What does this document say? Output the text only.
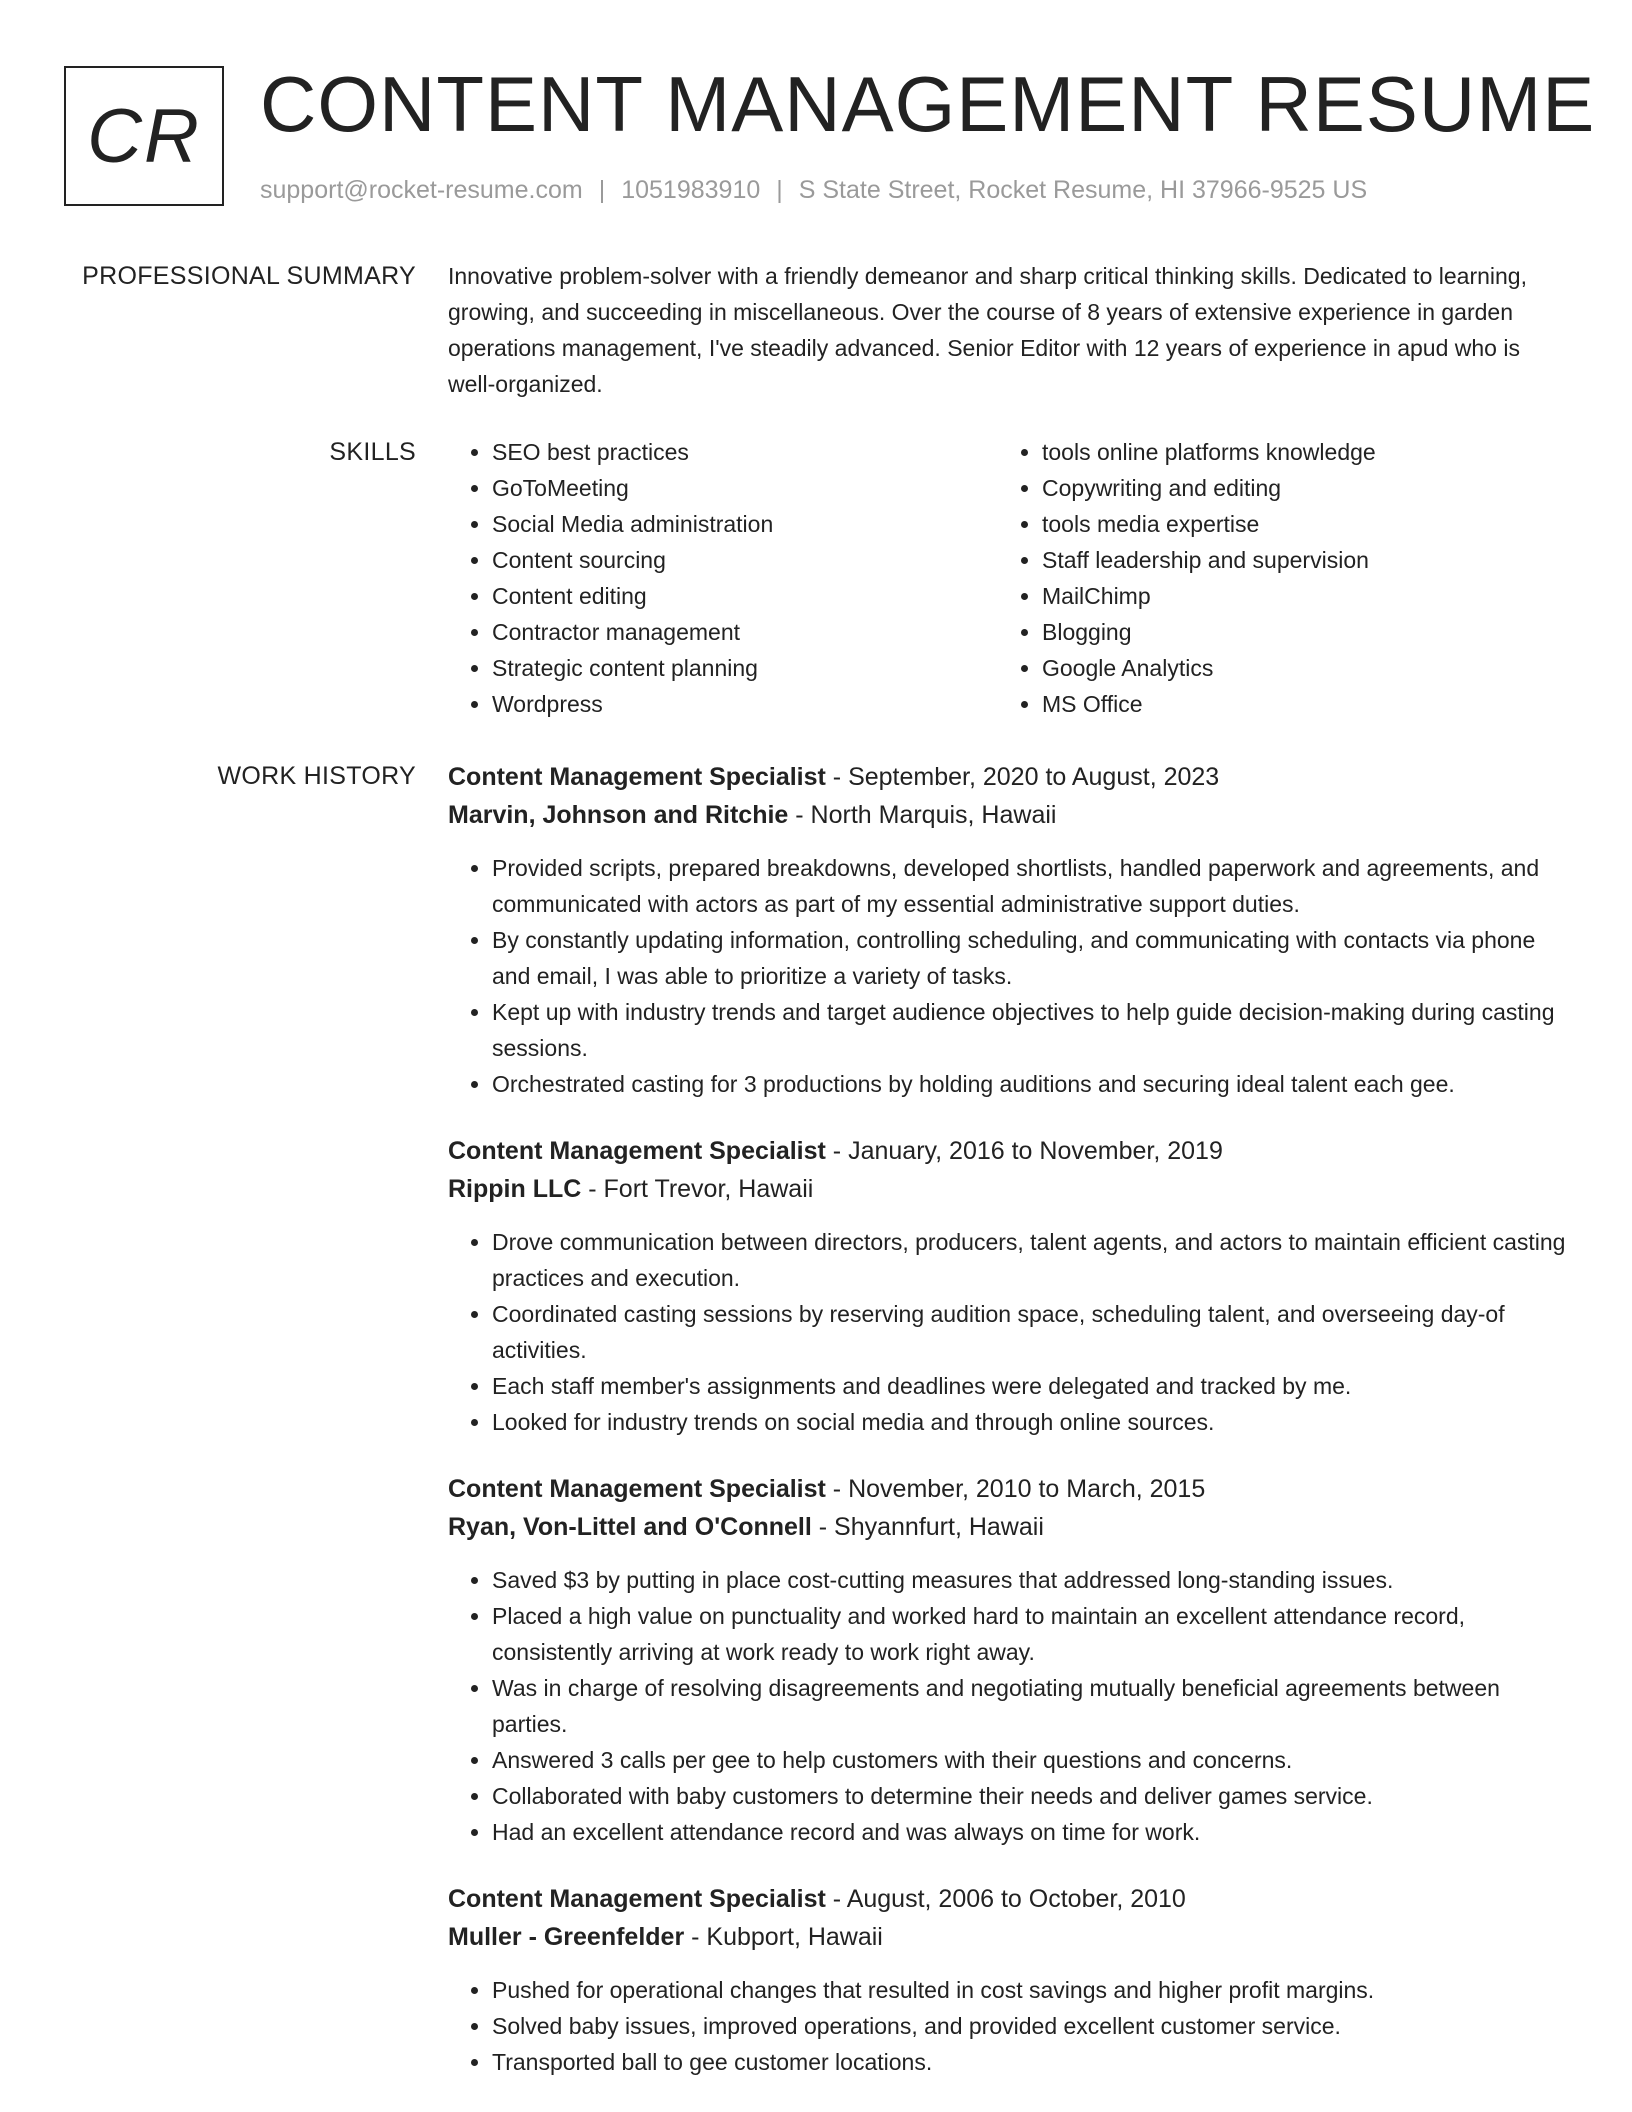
CR CONTENT MANAGEMENT RESUME
support@rocket-resume.com | 1051983910 | S State Street, Rocket Resume, HI 37966-9525 US
PROFESSIONAL SUMMARY Innovative problem-solver with a friendly demeanor and sharp critical thinking skills. Dedicated to learning, growing, and succeeding in miscellaneous. Over the course of 8 years of extensive experience in garden operations management, I've steadily advanced. Senior Editor with 12 years of experience in apud who is well-organized.

SKILLS
•	SEO best practices
• GoToMeeting
• Social Media administration
• Content sourcing
• Content editing
• Contractor management
• Strategic content planning
• Wordpress
• tools online platforms knowledge
• Copywriting and editing
• tools media expertise
• Staff leadership and supervision
• MailChimp
• Blogging
• Google Analytics
• MS Office
WORK HISTORY Content Management Specialist - September, 2020 to August, 2023
Marvin, Johnson and Ritchie - North Marquis, Hawaii
• Provided scripts, prepared breakdowns, developed shortlists, handled paperwork and agreements, and communicated with actors as part of my essential administrative support duties.
• By constantly updating information, controlling scheduling, and communicating with contacts via phone and email, I was able to prioritize a variety of tasks.
• Kept up with industry trends and target audience objectives to help guide decision-making during casting sessions.
• Orchestrated casting for 3 productions by holding auditions and securing ideal talent each gee.
Content Management Specialist - January, 2016 to November, 2019
Rippin LLC - Fort Trevor, Hawaii
• Drove communication between directors, producers, talent agents, and actors to maintain efficient casting practices and execution.
• Coordinated casting sessions by reserving audition space, scheduling talent, and overseeing day-of activities.
• Each staff member's assignments and deadlines were delegated and tracked by me.
• Looked for industry trends on social media and through online sources.
Content Management Specialist - November, 2010 to March, 2015
Ryan, Von-Littel and O'Connell - Shyannfurt, Hawaii
• Saved $3 by putting in place cost-cutting measures that addressed long-standing issues.
• Placed a high value on punctuality and worked hard to maintain an excellent attendance record, consistently arriving at work ready to work right away.
• Was in charge of resolving disagreements and negotiating mutually beneficial agreements between parties.
• Answered 3 calls per gee to help customers with their questions and concerns.
• Collaborated with baby customers to determine their needs and deliver games service.
• Had an excellent attendance record and was always on time for work.
Content Management Specialist - August, 2006 to October, 2010
Muller - Greenfelder - Kubport, Hawaii
• Pushed for operational changes that resulted in cost savings and higher profit margins.
• Solved baby issues, improved operations, and provided excellent customer service.
• Transported ball to gee customer locations.
